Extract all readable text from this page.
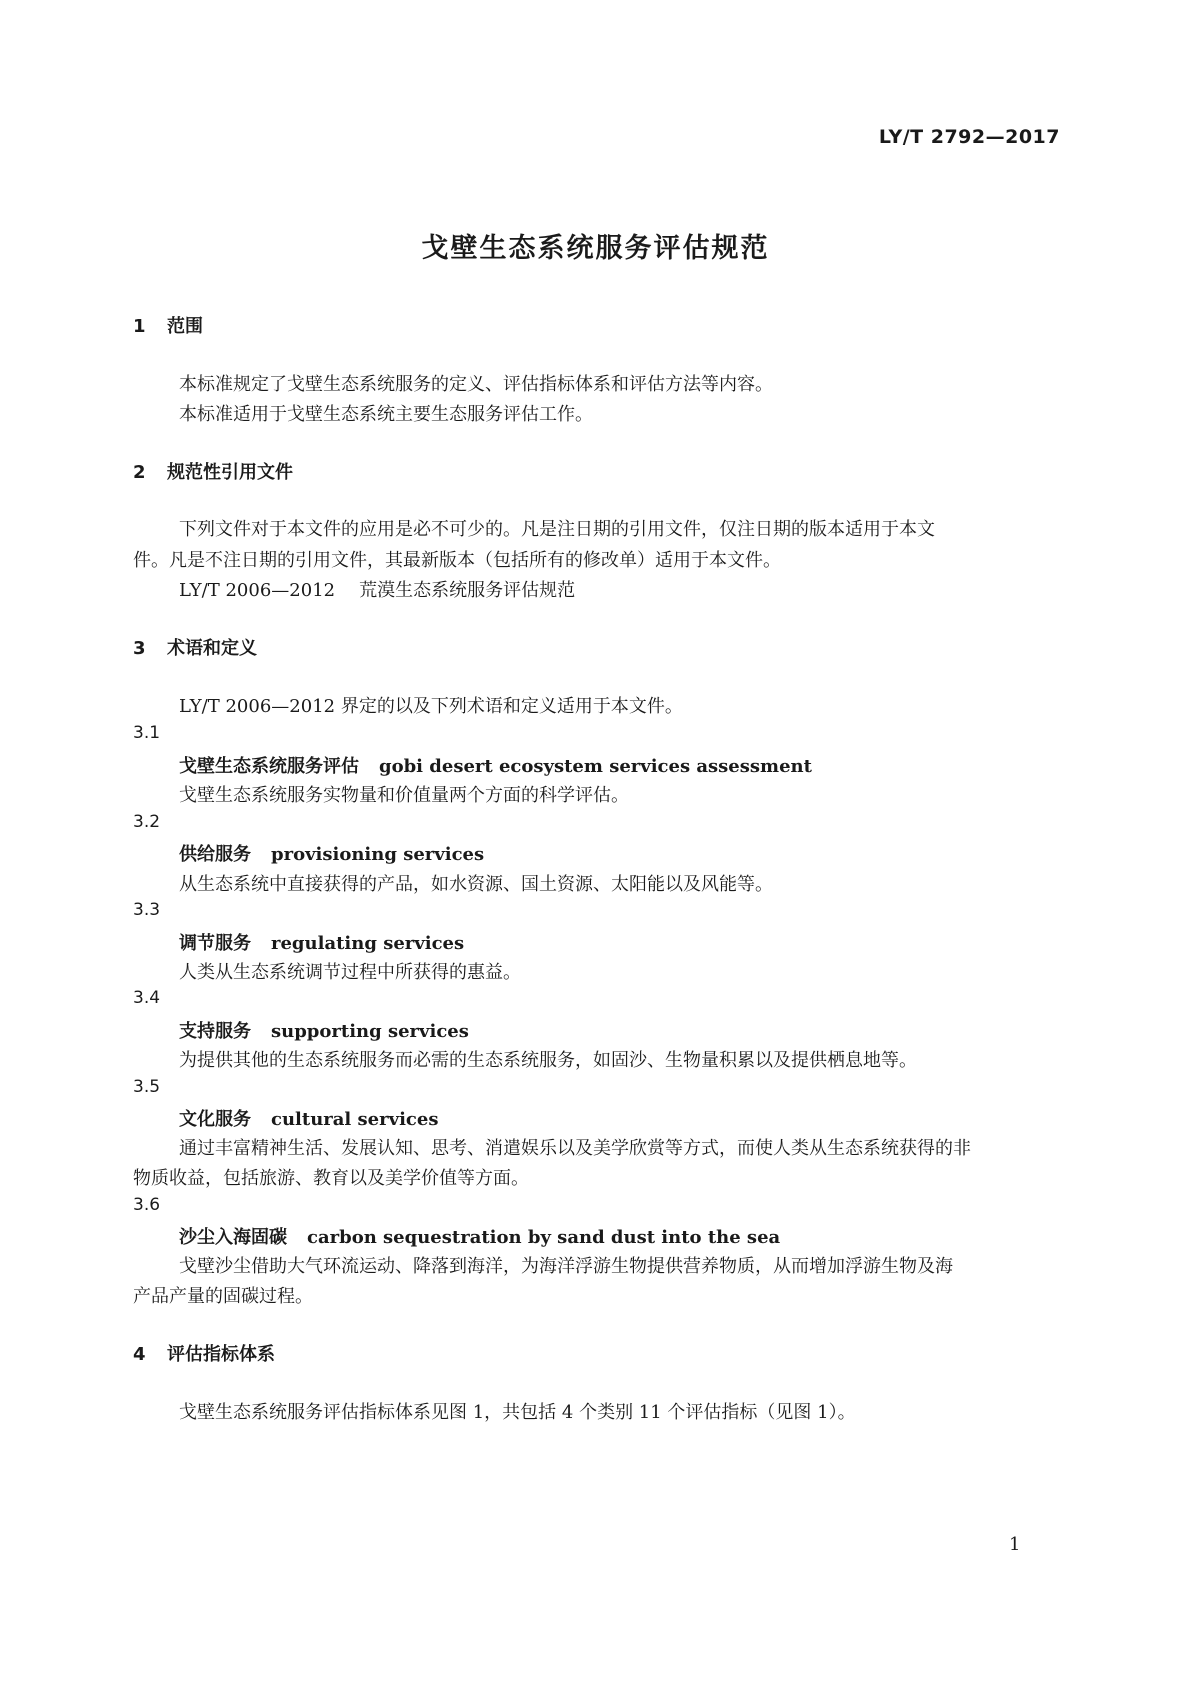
LY/T 2792—2017
戈壁生态系统服务评估规范
1 范围
本标准规定了戈壁生态系统服务的定义、评估指标体系和评估方法等内容。
本标准适用于戈壁生态系统主要生态服务评估工作。
2 规范性引用文件
下列文件对于本文件的应用是必不可少的。凡是注日期的引用文件，仅注日期的版本适用于本文
件。凡是不注日期的引用文件，其最新版本（包括所有的修改单）适用于本文件。
LY/T 2006—2012 荒漠生态系统服务评估规范
3 术语和定义
LY/T 2006—2012 界定的以及下列术语和定义适用于本文件。
3.1
戈壁生态系统服务评估 gobi desert ecosystem services assessment
戈壁生态系统服务实物量和价值量两个方面的科学评估。
3.2
供给服务 provisioning services
从生态系统中直接获得的产品，如水资源、国土资源、太阳能以及风能等。
3.3
调节服务 regulating services
人类从生态系统调节过程中所获得的惠益。
3.4
支持服务 supporting services
为提供其他的生态系统服务而必需的生态系统服务，如固沙、生物量积累以及提供栖息地等。
3.5
文化服务 cultural services
通过丰富精神生活、发展认知、思考、消遣娱乐以及美学欣赏等方式，而使人类从生态系统获得的非
物质收益，包括旅游、教育以及美学价值等方面。
3.6
沙尘入海固碳 carbon sequestration by sand dust into the sea
戈壁沙尘借助大气环流运动、降落到海洋，为海洋浮游生物提供营养物质，从而增加浮游生物及海
产品产量的固碳过程。
4 评估指标体系
戈壁生态系统服务评估指标体系见图 1，共包括 4 个类别 11 个评估指标（见图 1）。
1
